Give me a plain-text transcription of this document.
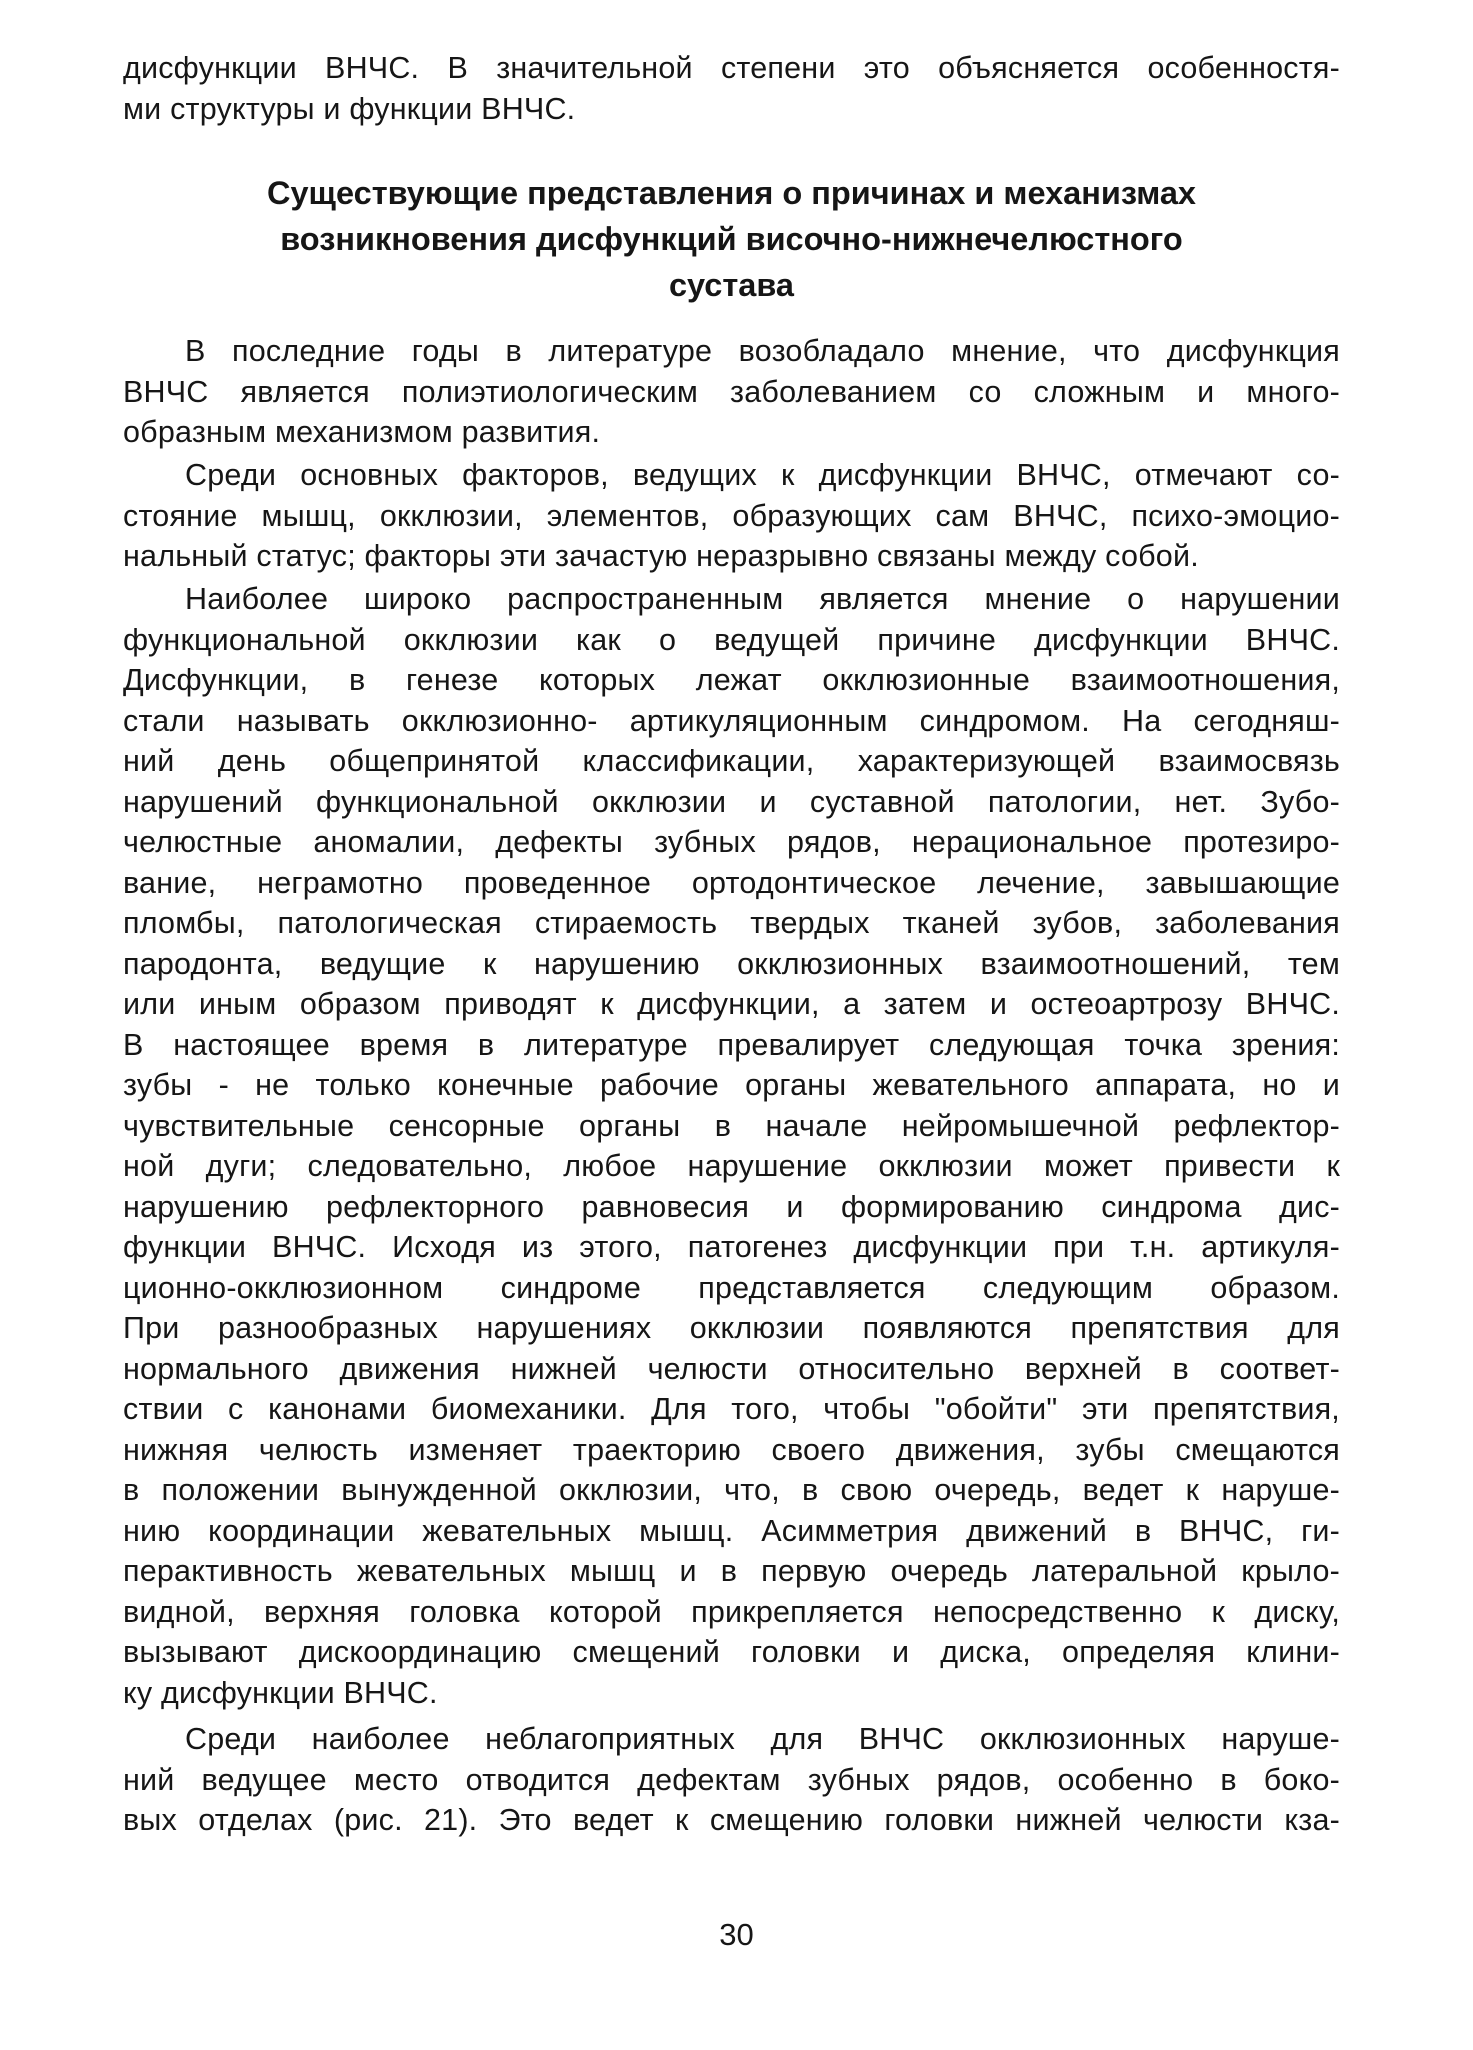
дисфункции ВНЧС. В значительной степени это объясняется особенностя-
ми структуры и функции ВНЧС.
Существующие представления о причинах и механизмах
возникновения дисфункций височно-нижнечелюстного
сустава
В последние годы в литературе возобладало мнение, что дисфункция
ВНЧС является полиэтиологическим заболеванием со сложным и много-
образным механизмом развития.
Среди основных факторов, ведущих к дисфункции ВНЧС, отмечают со-
стояние мышц, окклюзии, элементов, образующих сам ВНЧС, психо-эмоцио-
нальный статус; факторы эти зачастую неразрывно связаны между собой.
Наиболее широко распространенным является мнение о нарушении
функциональной окклюзии как о ведущей причине дисфункции ВНЧС.
Дисфункции, в генезе которых лежат окклюзионные взаимоотношения,
стали называть окклюзионно- артикуляционным синдромом. На сегодняш-
ний день общепринятой классификации, характеризующей взаимосвязь
нарушений функциональной окклюзии и суставной патологии, нет. Зубо-
челюстные аномалии, дефекты зубных рядов, нерациональное протезиро-
вание, неграмотно проведенное ортодонтическое лечение, завышающие
пломбы, патологическая стираемость твердых тканей зубов, заболевания
пародонта, ведущие к нарушению окклюзионных взаимоотношений, тем
или иным образом приводят к дисфункции, а затем и остеоартрозу ВНЧС.
В настоящее время в литературе превалирует следующая точка зрения:
зубы - не только конечные рабочие органы жевательного аппарата, но и
чувствительные сенсорные органы в начале нейромышечной рефлектор-
ной дуги; следовательно, любое нарушение окклюзии может привести к
нарушению рефлекторного равновесия и формированию синдрома дис-
функции ВНЧС. Исходя из этого, патогенез дисфункции при т.н. артикуля-
ционно-окклюзионном синдроме представляется следующим образом.
При разнообразных нарушениях окклюзии появляются препятствия для
нормального движения нижней челюсти относительно верхней в соответ-
ствии с канонами биомеханики. Для того, чтобы "обойти" эти препятствия,
нижняя челюсть изменяет траекторию своего движения, зубы смещаются
в положении вынужденной окклюзии, что, в свою очередь, ведет к наруше-
нию координации жевательных мышц. Асимметрия движений в ВНЧС, ги-
перактивность жевательных мышц и в первую очередь латеральной крыло-
видной, верхняя головка которой прикрепляется непосредственно к диску,
вызывают дискоординацию смещений головки и диска, определяя клини-
ку дисфункции ВНЧС.
Среди наиболее неблагоприятных для ВНЧС окклюзионных наруше-
ний ведущее место отводится дефектам зубных рядов, особенно в боко-
вых отделах (рис. 21). Это ведет к смещению головки нижней челюсти кза-
30
